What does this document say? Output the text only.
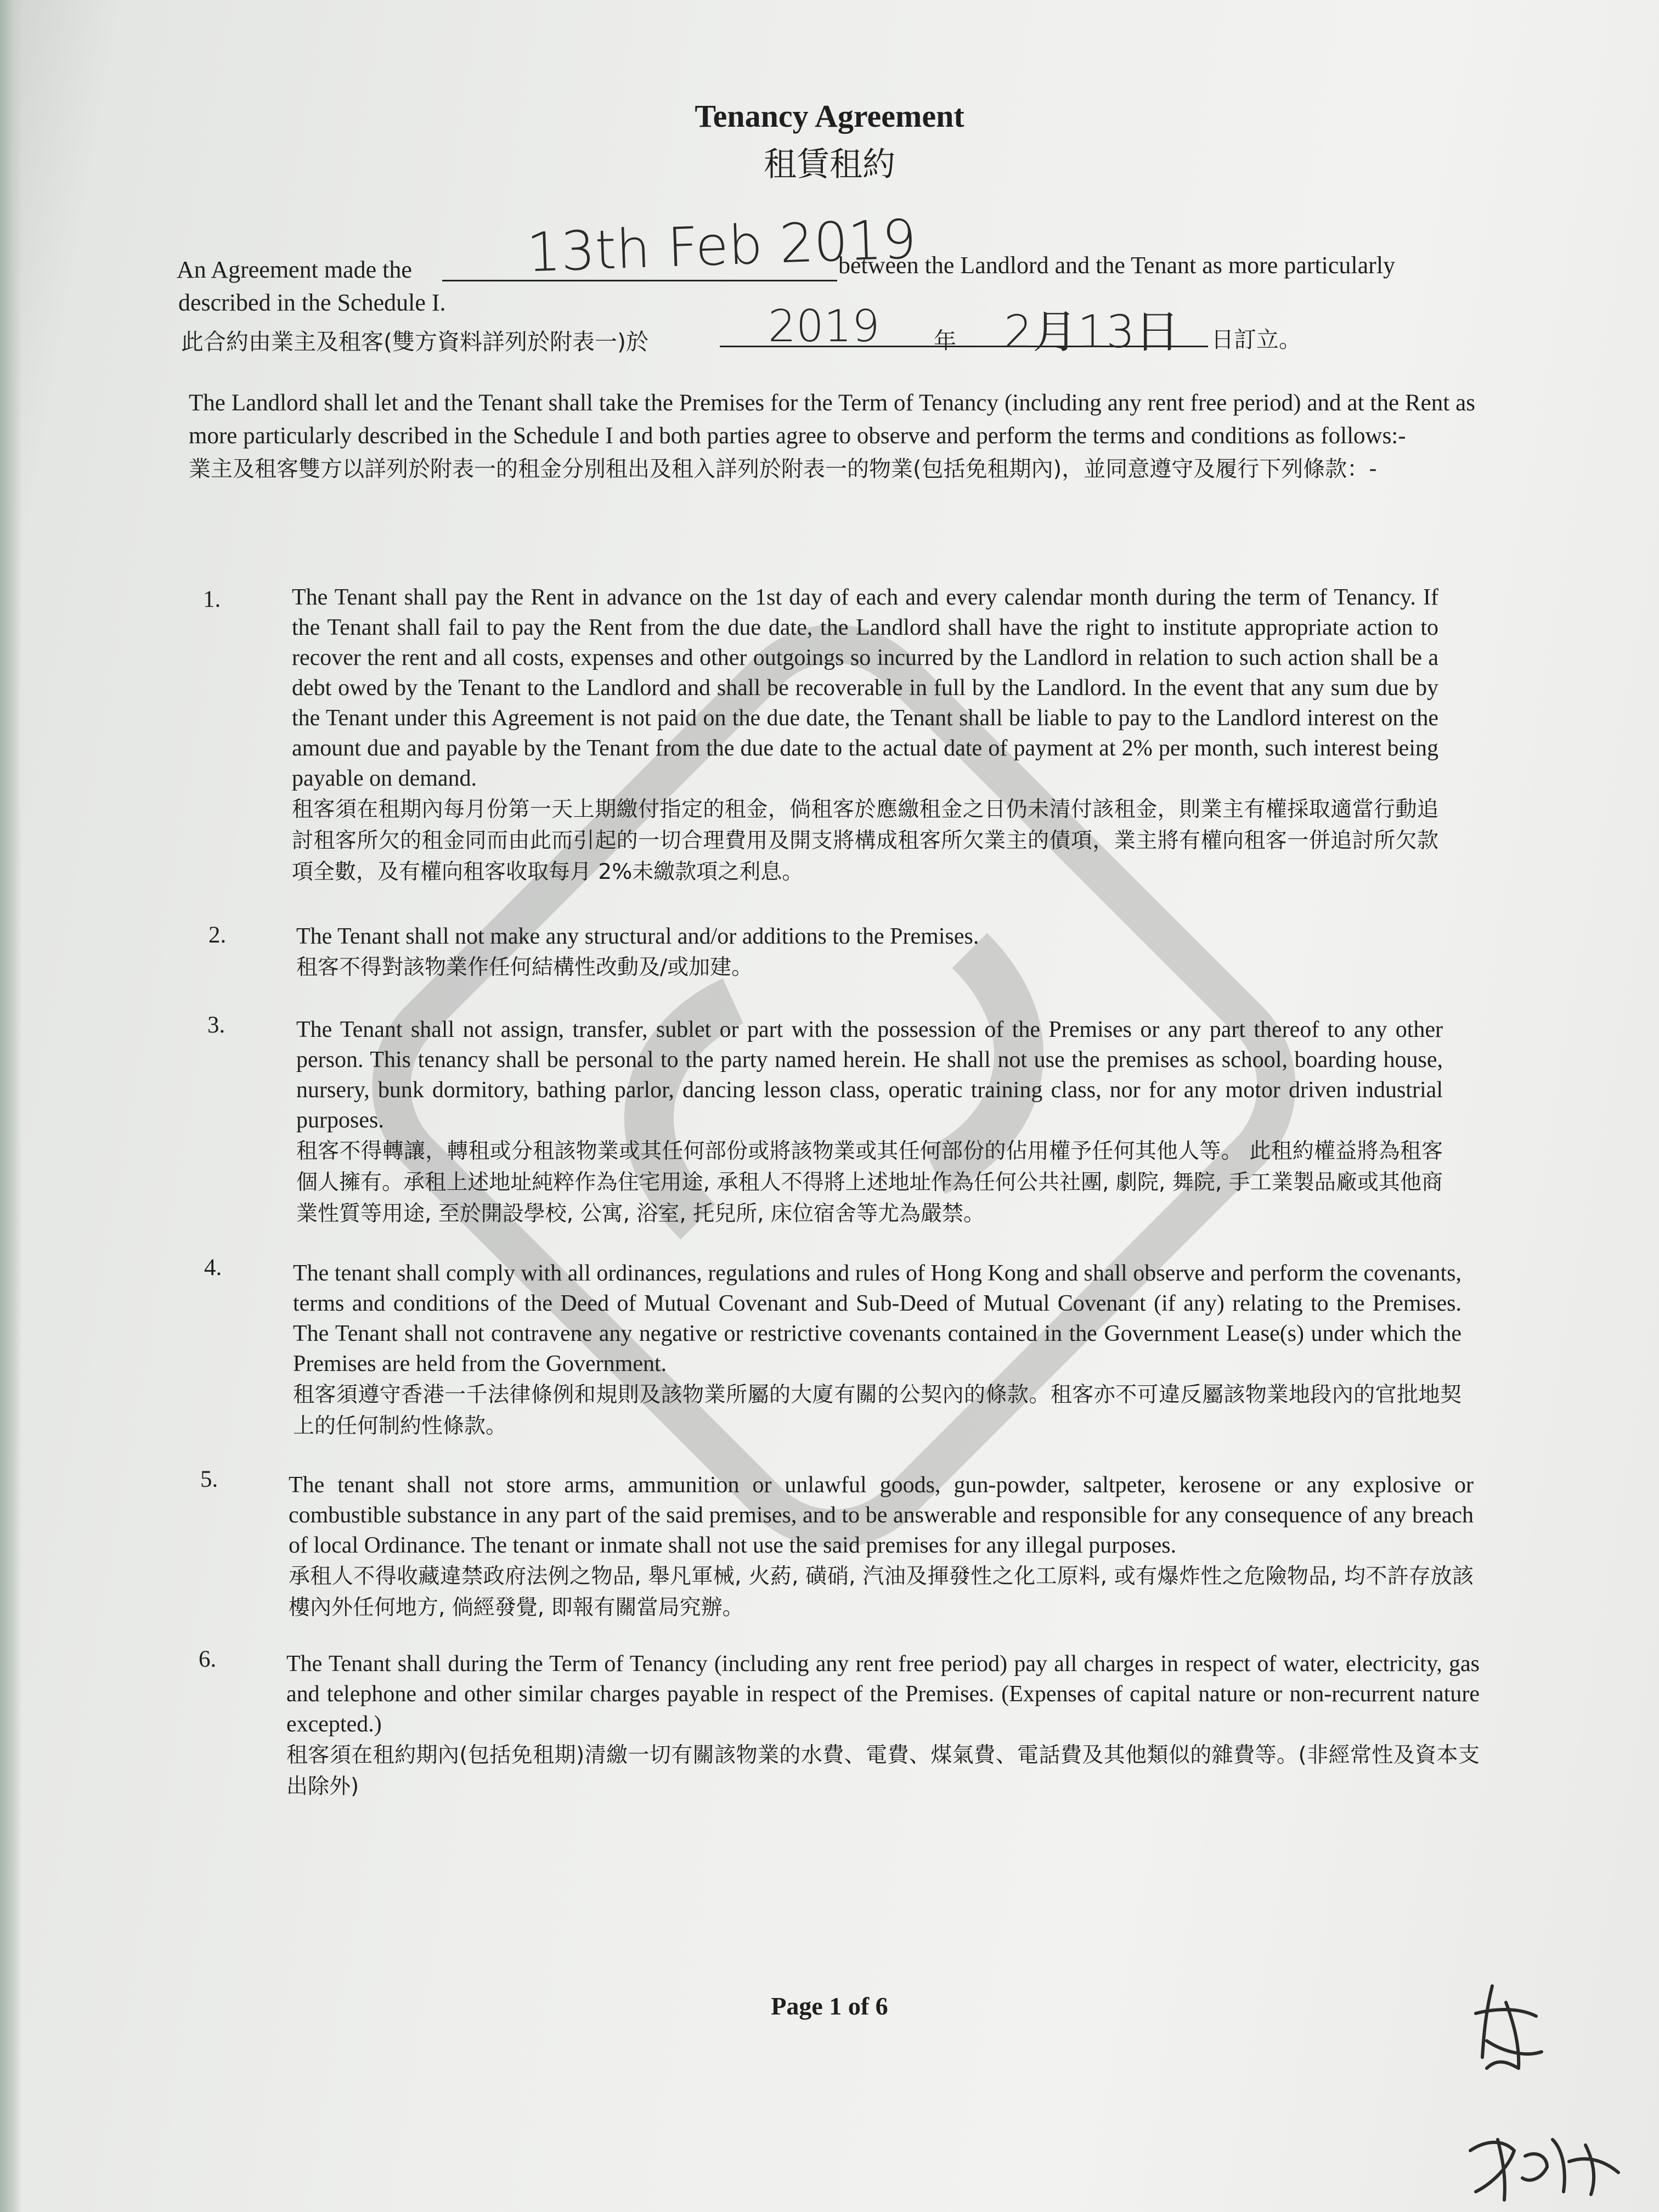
Tenancy Agreement
租賃租約
An Agreement made the 13th Feb 2019
between the Landlord and the Tenant as more particularly
described in the Schedule I.
此合約由業主及租客(雙方資料詳列於附表一)於	2019 年 2月13日 日訂立。
The Landlord shall let and the Tenant shall take the Premises for the Term of Tenancy (including any rent free period) and at the Rent as more particularly described in the Schedule I and both parties agree to observe and perform the terms and conditions as follows:-
業主及租客雙方以詳列於附表一的租金分別租出及租入詳列於附表一的物業(包括免租期內)，並同意遵守及履行下列條款：-
1.	The Tenant shall pay the Rent in advance on the 1st day of each and every calendar month during the term of Tenancy. If the Tenant shall fail to pay the Rent from the due date, the Landlord shall have the right to institute appropriate action to recover the rent and all costs, expenses and other outgoings so incurred by the Landlord in relation to such action shall be a debt owed by the Tenant to the Landlord and shall be recoverable in full by the Landlord. In the event that any sum due by the Tenant under this Agreement is not paid on the due date, the Tenant shall be liable to pay to the Landlord interest on the amount due and payable by the Tenant from the due date to the actual date of payment at 2% per month, such interest being payable on demand.
租客須在租期內每月份第一天上期繳付指定的租金，倘租客於應繳租金之日仍未清付該租金，則業主有權採取適當行動追討租客所欠的租金同而由此而引起的一切合理費用及開支將構成租客所欠業主的債項，業主將有權向租客一併追討所欠款項全數，及有權向租客收取每月 2%未繳款項之利息。
2.	The Tenant shall not make any structural and/or additions to the Premises.
租客不得對該物業作任何結構性改動及/或加建。
3.	The Tenant shall not assign, transfer, sublet or part with the possession of the Premises or any part thereof to any other person. This tenancy shall be personal to the party named herein. He shall not use the premises as school, boarding house, nursery, bunk dormitory, bathing parlor, dancing lesson class, operatic training class, nor for any motor driven industrial purposes.
租客不得轉讓，轉租或分租該物業或其任何部份或將該物業或其任何部份的佔用權予任何其他人等。 此租約權益將為租客個人擁有。承租上述地址純粹作為住宅用途, 承租人不得將上述地址作為任何公共社團, 劇院, 舞院, 手工業製品廠或其他商業性質等用途, 至於開設學校, 公寓, 浴室, 托兒所, 床位宿舍等尤為嚴禁。
4.	The tenant shall comply with all ordinances, regulations and rules of Hong Kong and shall observe and perform the covenants, terms and conditions of the Deed of Mutual Covenant and Sub-Deed of Mutual Covenant (if any) relating to the Premises. The Tenant shall not contravene any negative or restrictive covenants contained in the Government Lease(s) under which the Premises are held from the Government.
租客須遵守香港一千法律條例和規則及該物業所屬的大廈有關的公契內的條款。租客亦不可違反屬該物業地段內的官批地契上的任何制約性條款。
5.	The tenant shall not store arms, ammunition or unlawful goods, gun-powder, saltpeter, kerosene or any explosive or combustible substance in any part of the said premises, and to be answerable and responsible for any consequence of any breach of local Ordinance. The tenant or inmate shall not use the said premises for any illegal purposes.
承租人不得收藏違禁政府法例之物品, 舉凡軍械, 火葯, 磺硝, 汽油及揮發性之化工原料, 或有爆炸性之危險物品, 均不許存放該樓內外任何地方, 倘經發覺, 即報有關當局究辦。
6.	The Tenant shall during the Term of Tenancy (including any rent free period) pay all charges in respect of water, electricity, gas and telephone and other similar charges payable in respect of the Premises. (Expenses of capital nature or non-recurrent nature excepted.)
租客須在租約期內(包括免租期)清繳一切有關該物業的水費、電費、煤氣費、電話費及其他類似的雜費等。(非經常性及資本支出除外)
Page 1 of 6
